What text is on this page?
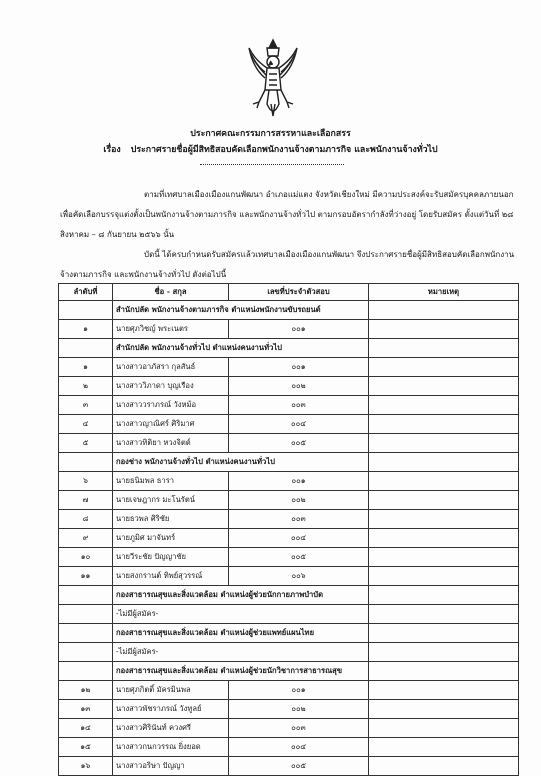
ประกาศคณะกรรมการสรรหาและเลือกสรร
เรื่อง ประกาศรายชื่อผู้มีสิทธิสอบคัดเลือกพนักงานจ้างตามภารกิจ และพนักงานจ้างทั่วไป
ตามที่เทศบาลเมืองเมืองแกนพัฒนา อำเภอแม่แตง จังหวัดเชียงใหม่ มีความประสงค์จะรับสมัครบุคคลภายนอกเพื่อคัดเลือกบรรจุแต่งตั้งเป็นพนักงานจ้างตามภารกิจ และพนักงานจ้างทั่วไป ตามกรอบอัตรากำลังที่ว่างอยู่ โดยรับสมัคร ตั้งแต่วันที่ ๒๘ สิงหาคม – ๘ กันยายน ๒๕๖๖ นั้น
บัดนี้ ได้ครบกำหนดรับสมัครแล้วเทศบาลเมืองเมืองแกนพัฒนา จึงประกาศรายชื่อผู้มีสิทธิสอบคัดเลือกพนักงานจ้างตามภารกิจ และพนักงานจ้างทั่วไป ดังต่อไปนี้
ลำดับที่	ชื่อ - สกุล	เลขที่ประจำตัวสอบ	หมายเหตุ
	สำนักปลัด พนักงานจ้างตามภารกิจ ตำแหน่งพนักงานขับรถยนต์		
๑	นายศุภวิชญ์ พระเนตร	๐๐๑	
	สำนักปลัด พนักงานจ้างทั่วไป ตำแหน่งคนงานทั่วไป		
๑	นางสาวอาภัสรา กุลสันธ์	๐๐๑	
๒	นางสาววิภาดา บุญเรือง	๐๐๒	
๓	นางสาววราภรณ์ วังหม้อ	๐๐๓	
๔	นางสาวญาณิศร์ ศิริมาศ	๐๐๔	
๕	นางสาวทิติยา หวงจิตต์	๐๐๕	
	กองช่าง พนักงานจ้างทั่วไป ตำแหน่งคนงานทั่วไป		
๖	นายธนิมพล ธารา	๐๐๑	
๗	นายเจษฎากร มะโนรัตน์	๐๐๒	
๘	นายธวพล ศิริชัย	๐๐๓	
๙	นายภูมิศ มาจันทร์	๐๐๔	
๑๐	นายวีระชัย ปัญญาชัย	๐๐๕	
๑๑	นายสงกรานต์ ทิพย์สุวรรณ์	๐๐๖	
	กองสาธารณสุขและสิ่งแวดล้อม ตำแหน่งผู้ช่วยนักกายภาพบำบัด		
	-ไม่มีผู้สมัคร-		
	กองสาธารณสุขและสิ่งแวดล้อม ตำแหน่งผู้ช่วยแพทย์แผนไทย		
	-ไม่มีผู้สมัคร-		
	กองสาธารณสุขและสิ่งแวดล้อม ตำแหน่งผู้ช่วยนักวิชาการสาธารณสุข		
๑๒	นายศุภกิตติ์ มัครมินพล	๐๐๑	
๑๓	นางสาวพัชราภรณ์ วังทูลย์	๐๐๒	
๑๔	นางสาวศิรินันท์ ควงศรี	๐๐๓	
๑๕	นางสาวกนกวรรณ ยิ่งยอด	๐๐๔	
๑๖	นางสาวอริษา ปัญญา	๐๐๕	
